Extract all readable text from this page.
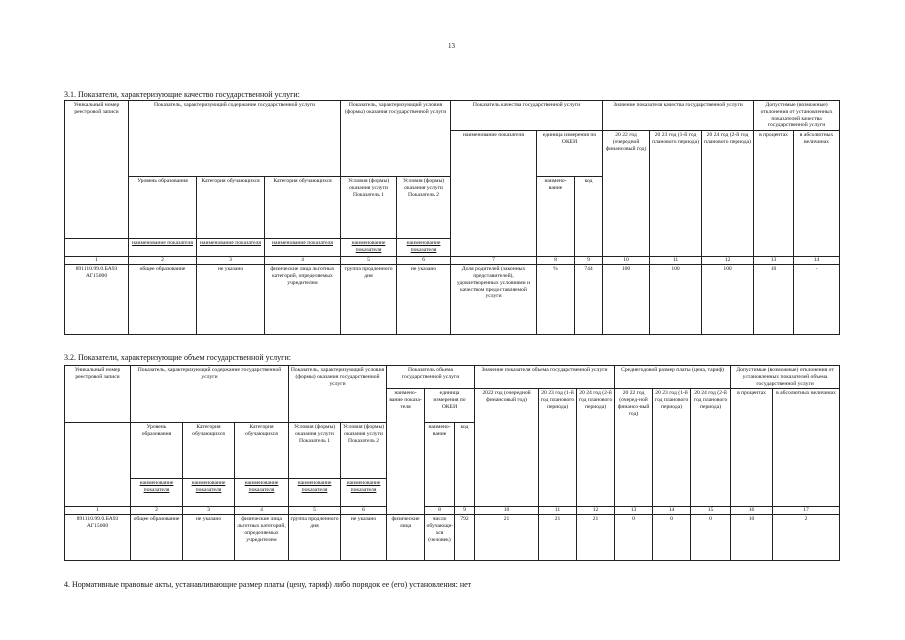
13
3.1. Показатели, характеризующие качество государственной услуги:
Уникальный номер реестровой записи	Показатель, характеризующий содержание государственной услуги			Показатель, характеризующий условия (формы) оказания государственной услуги		Показатель качества государственной услуги			Значение показателя качества государственной услуги			Допустимые (возможные) отклонения от установленных показателей качества государственной услуги	
						наименование показателя	единица измерения по ОКЕИ		20 22 год (очередной финансовый год)	20 23 год (1-й год планового периода)	20 24 год (2-й год планового периода)	в процентах	в абсолютных величинах
	Уровень образования	Категория обучающихся	Категория обучающихся	Условия (формы) оказания услуги Показатель 1	Условия (формы) оказания услуги Показатель 2		наимено-вание	код					
	наименование показателя	наименование показателя	наименование показателя	наименование показателя	наименование показателя								
1	2	3	4	5	6	7	8	9	10	11	12	13	14
891110.99.0.БА93 АГ15000	общее образование	не указано	физические лица льготных категорий, определяемых учредителем	группа продленного дня	не указано	Доля родителей (законных представителей), удовлетворенных условиями и качеством предоставляемой услуги	%	744	100	100	100	10	-
3.2. Показатели, характеризующие объем государственной услуги:
Уникальный номер реестровой записи	Показатель, характеризующий содержание государственной услуги			Показатель, характеризующий условия (формы) оказания государственной услуги		Показатель объема государственной услуги			Значение показателя объема государственной услуги			Среднегодовой размер платы (цена, тариф)			Допустимые (возможные) отклонения от установленных показателей объема государственной услуги	
						наимено-вание показа-теля	единица измерения по ОКЕИ		2022 год (очередной финансовый год)	20 23 год (1-й год планового периода)	20 24 год (2-й год планового периода)	20 22 год (очеред-ной финансо-вый год)	20 23 год (1-й год планового периода)	20 24 год (2-й год планового периода)	в процентах	в абсолютных величинах
	Уровень образования	Категория обучающихся	Категория обучающихся	Условия (формы) оказания услуги Показатель 1	Условия (формы) оказания услуги Показатель 2		наимено-вание	код								
	наименование показателя	наименование показателя	наименование показателя	наименование показателя	наименование показателя											
1	2	3	4	5	6		8	9	10	11	12	13	14	15	16	17
891110.99.0.БА93 АГ15000	общее образование	не указано	физические лица льготных категорий, определяемых учредителем	группа продленного дня	не указано	физические лица	число обучающи-хся (человек)	792	21	21	21	0	0	0	10	2
4. Нормативные правовые акты, устанавливающие размер платы (цену, тариф) либо порядок ее (его) установления: нет
